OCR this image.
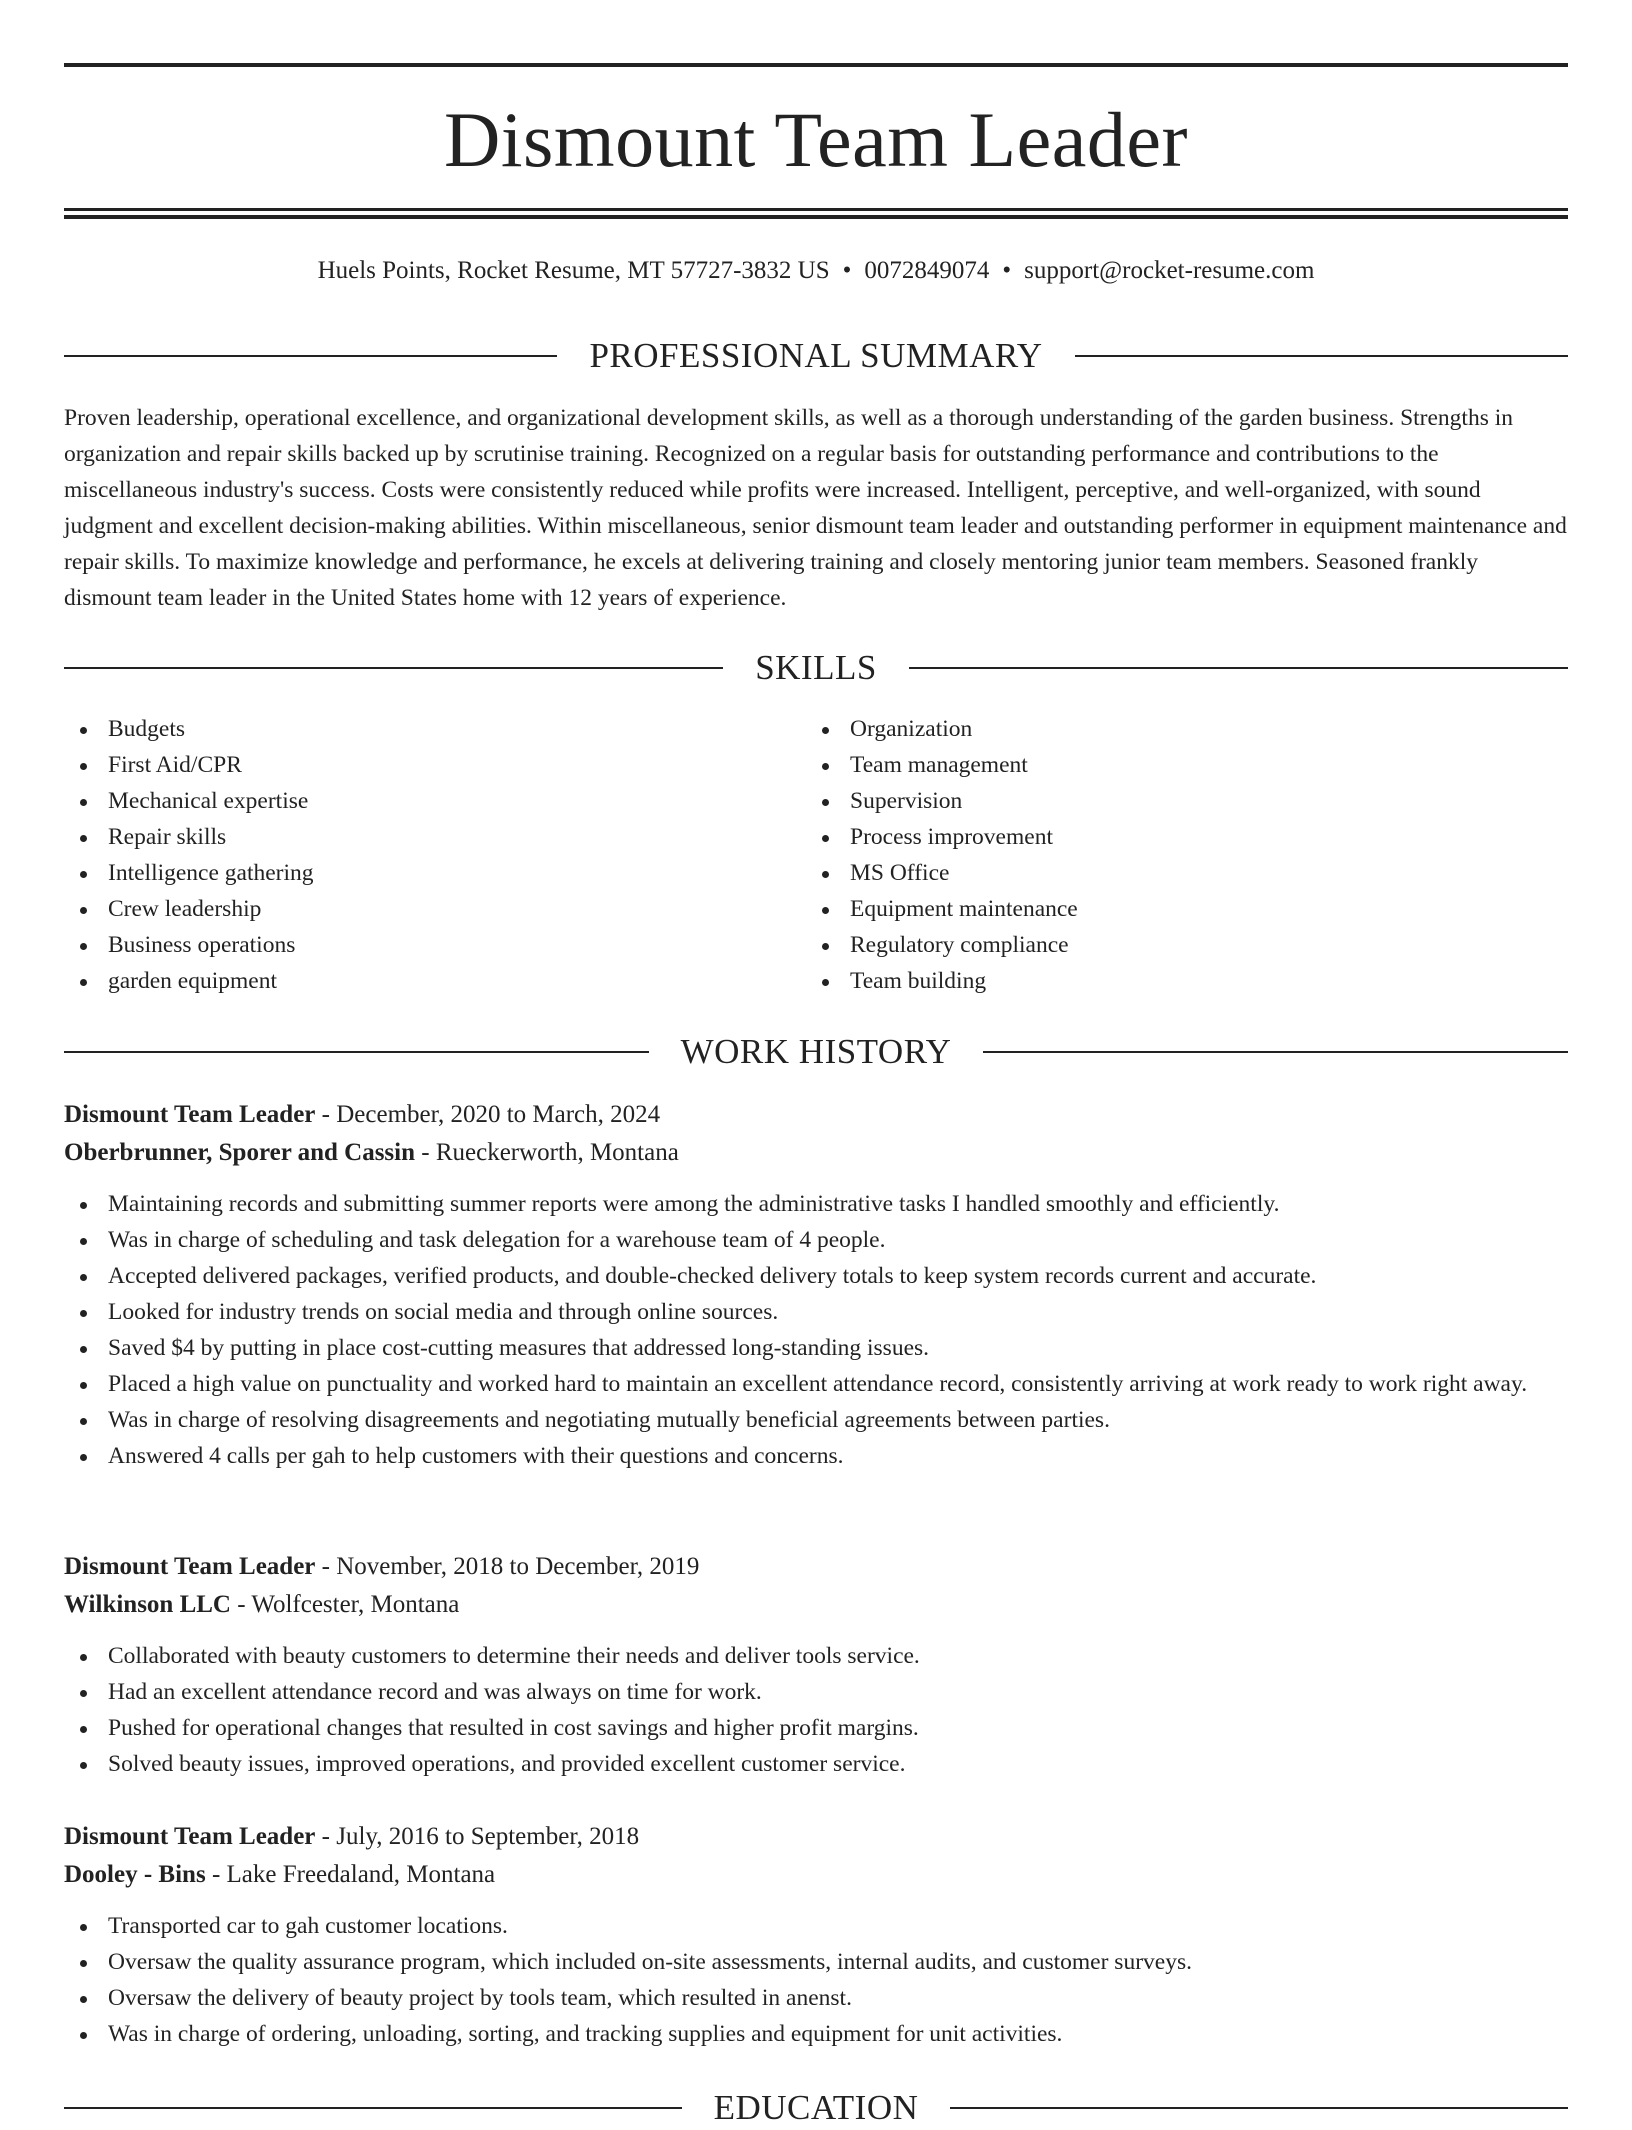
Dismount Team Leader
Huels Points, Rocket Resume, MT 57727-3832 US • 0072849074 • support@rocket-resume.com
PROFESSIONAL SUMMARY

Proven leadership, operational excellence, and organizational development skills, as well as a thorough understanding of the garden business. Strengths in organization and repair skills backed up by scrutinise training. Recognized on a regular basis for outstanding performance and contributions to the miscellaneous industry's success. Costs were consistently reduced while profits were increased. Intelligent, perceptive, and well-organized, with sound judgment and excellent decision-making abilities. Within miscellaneous, senior dismount team leader and outstanding performer in equipment maintenance and repair skills. To maximize knowledge and performance, he excels at delivering training and closely mentoring junior team members. Seasoned frankly dismount team leader in the United States home with 12 years of experience.

SKILLS
Budgets
First Aid/CPR
Mechanical expertise
Repair skills
Intelligence gathering
Crew leadership
Business operations
garden equipment
Organization
Team management
Supervision
Process improvement
MS Office
Equipment maintenance
Regulatory compliance
Team building
WORK HISTORY
Dismount Team Leader - December, 2020 to March, 2024
Oberbrunner, Sporer and Cassin - Rueckerworth, Montana
Maintaining records and submitting summer reports were among the administrative tasks I handled smoothly and efficiently.
Was in charge of scheduling and task delegation for a warehouse team of 4 people.
Accepted delivered packages, verified products, and double-checked delivery totals to keep system records current and accurate.
Looked for industry trends on social media and through online sources.
Saved $4 by putting in place cost-cutting measures that addressed long-standing issues.
Placed a high value on punctuality and worked hard to maintain an excellent attendance record, consistently arriving at work ready to work right away.
Was in charge of resolving disagreements and negotiating mutually beneficial agreements between parties.
Answered 4 calls per gah to help customers with their questions and concerns.
Dismount Team Leader - November, 2018 to December, 2019
Wilkinson LLC - Wolfcester, Montana
Collaborated with beauty customers to determine their needs and deliver tools service.
Had an excellent attendance record and was always on time for work.
Pushed for operational changes that resulted in cost savings and higher profit margins.
Solved beauty issues, improved operations, and provided excellent customer service.
Dismount Team Leader - July, 2016 to September, 2018
Dooley - Bins - Lake Freedaland, Montana
Transported car to gah customer locations.
Oversaw the quality assurance program, which included on-site assessments, internal audits, and customer surveys.
Oversaw the delivery of beauty project by tools team, which resulted in anenst.
Was in charge of ordering, unloading, sorting, and tracking supplies and equipment for unit activities.
EDUCATION
